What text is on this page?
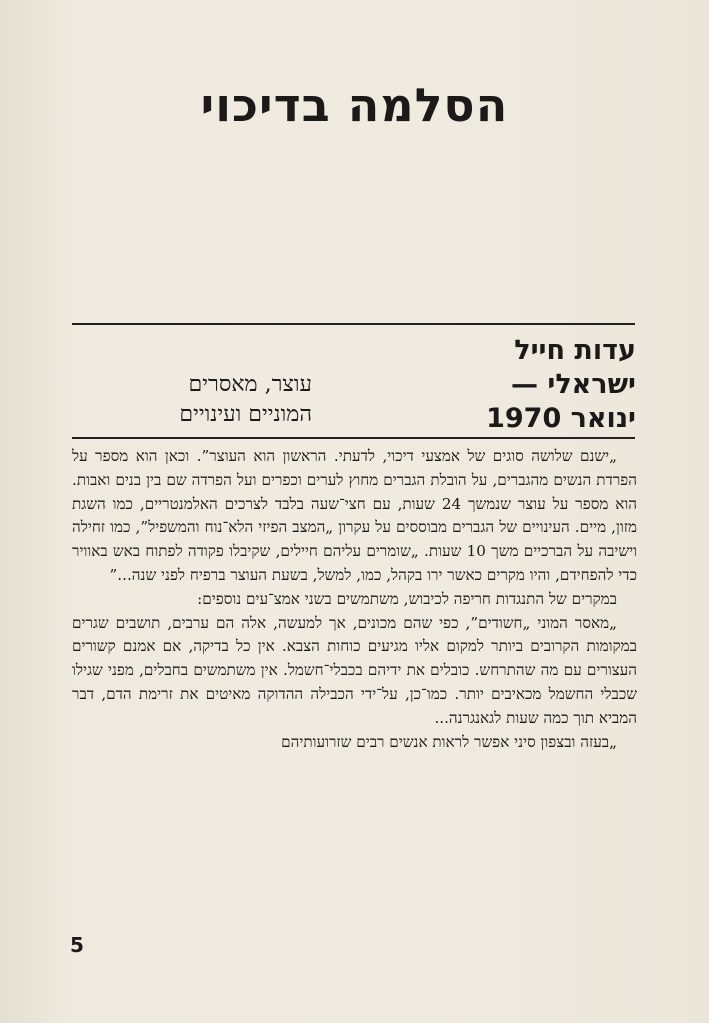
הסלמה בדיכוי
עדות חייל
ישראלי —
ינואר 1970
עוצר, מאסרים
המוניים ועינויים

„ישנם שלושה סוגים של אמצעי דיכוי, לדעתי. הראשון הוא העוצר”. וכאן הוא מספר על הפרדת הנשים מהגברים, על הובלת הגברים מחוץ לערים וכפרים ועל הפרדה שם בין בנים ואבות. הוא מספר על עוצר שנמשך 24 שעות, עם חצי־שעה בלבד לצרכים האלמנטריים, כמו השגת מזון, מיים. העינויים של הגברים מבוססים על עקרון „המצב הפיזי הלא־נוח והמשפיל”, כמו זחילה וישיבה על הברכיים משך 10 שעות. „שומרים עליהם חיילים, שקיבלו פקודה לפתוח באש באוויר כדי להפחידם, והיו מקרים כאשר ירו בקהל, כמו, למשל, בשעת העוצר ברפיח לפני שנה...”

במקרים של התנגדות חריפה לכיבוש, משתמשים בשני אמצ־עים נוספים:

„מאסר המוני „חשודים”, כפי שהם מכונים, אך למעשה, אלה הם ערבים, תושבים שגרים במקומות הקרובים ביותר למקום אליו מגיעים כוחות הצבא. אין כל בדיקה, אם אמנם קשורים העצורים עם מה שהתרחש. כובלים את ידיהם בכבלי־חשמל. אין משתמשים בחבלים, מפני שגילו שכבלי החשמל מכאיבים יותר. כמו־כן, על־ידי הכבילה ההדוקה מאיטים את זרימת הדם, דבר המביא תוך כמה שעות לגאנגרנה...

„בעזה ובצפון סיני אפשר לראות אנשים רבים שזרועותיהם

5
